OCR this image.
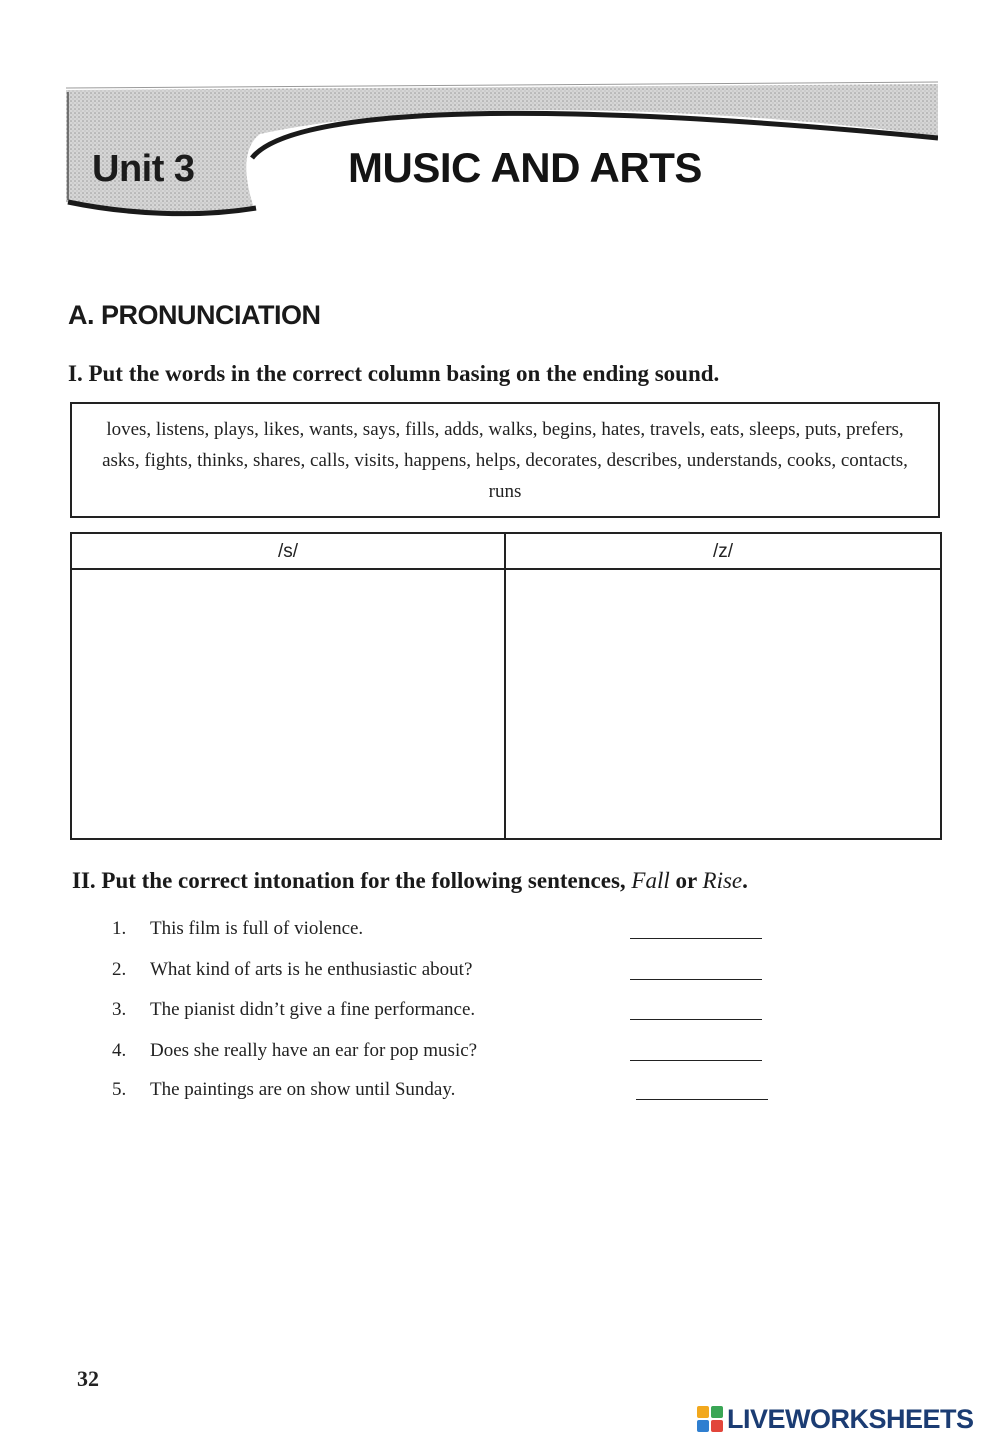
Unit 3	MUSIC AND ARTS
A. PRONUNCIATION
I. Put the words in the correct column basing on the ending sound.

loves, listens, plays, likes, wants, says, fills, adds, walks, begins, hates, travels, eats, sleeps, puts, prefers, asks, fights, thinks, shares, calls, visits, happens, helps, decorates, describes, understands, cooks, contacts, runs

/s/	/z/
II. Put the correct intonation for the following sentences, Fall or Rise.
1. This film is full of violence.
2. What kind of arts is he enthusiastic about?
3. The pianist didn’t give a fine performance.
4. Does she really have an ear for pop music?
5. The paintings are on show until Sunday.
32
LIVEWORKSHEETS
